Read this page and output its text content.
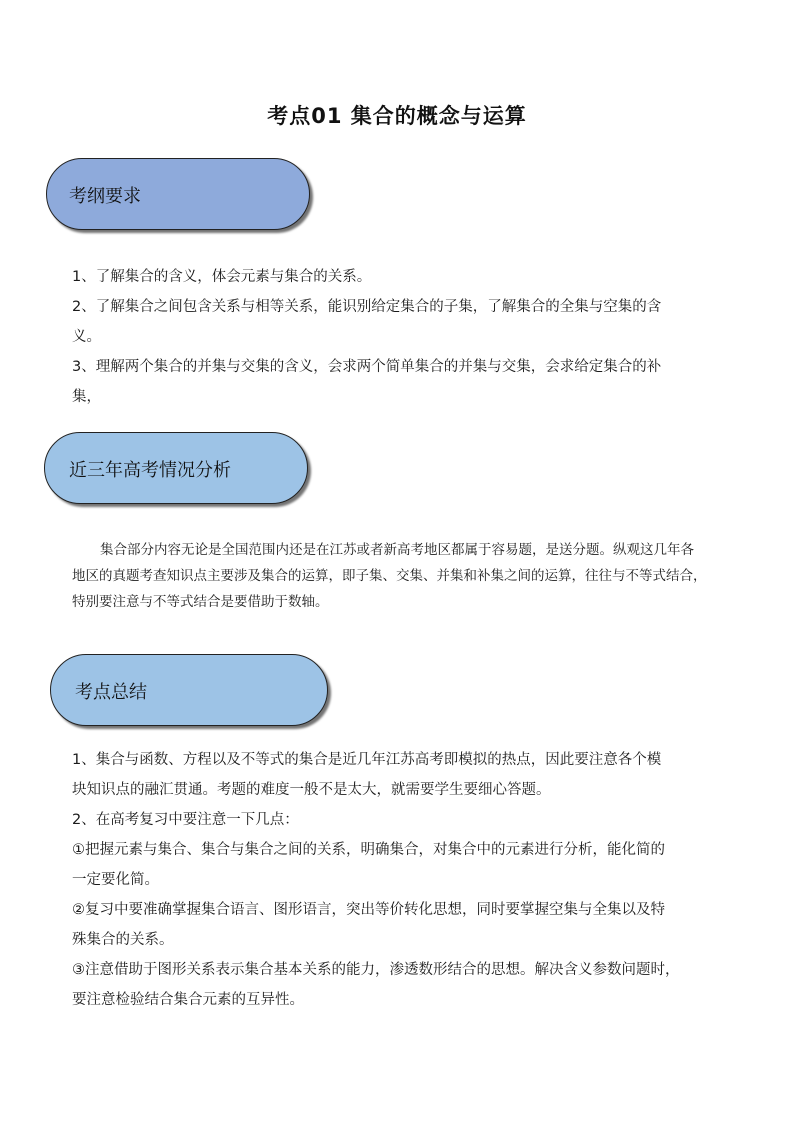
考点01 集合的概念与运算
考纲要求
1、了解集合的含义，体会元素与集合的关系。
2、了解集合之间包含关系与相等关系，能识别给定集合的子集，了解集合的全集与空集的含
义。
3、理解两个集合的并集与交集的含义，会求两个简单集合的并集与交集，会求给定集合的补
集，
近三年高考情况分析
集合部分内容无论是全国范围内还是在江苏或者新高考地区都属于容易题，是送分题。纵观这几年各
地区的真题考查知识点主要涉及集合的运算，即子集、交集、并集和补集之间的运算，往往与不等式结合，
特别要注意与不等式结合是要借助于数轴。
考点总结
1、集合与函数、方程以及不等式的集合是近几年江苏高考即模拟的热点，因此要注意各个模
块知识点的融汇贯通。考题的难度一般不是太大，就需要学生要细心答题。
2、在高考复习中要注意一下几点：
①把握元素与集合、集合与集合之间的关系，明确集合，对集合中的元素进行分析，能化简的
一定要化简。
②复习中要准确掌握集合语言、图形语言，突出等价转化思想，同时要掌握空集与全集以及特
殊集合的关系。
③注意借助于图形关系表示集合基本关系的能力，渗透数形结合的思想。解决含义参数问题时，
要注意检验结合集合元素的互异性。
